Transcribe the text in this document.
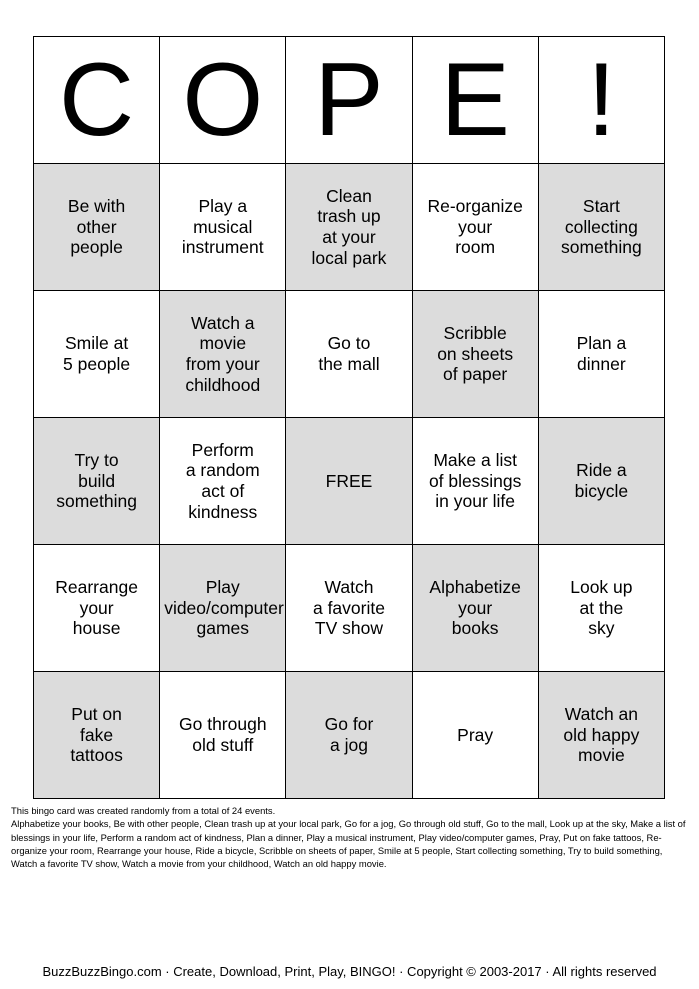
C	O	P	E	!
Be with
other
people	Play a
musical
instrument	Clean
trash up
at your
local park	Re-organize
your
room	Start
collecting
something
Smile at
5 people	Watch a
movie
from your
childhood	Go to
the mall	Scribble
on sheets
of paper	Plan a
dinner
Try to
build
something	Perform
a random
act of
kindness	FREE	Make a list
of blessings
in your life	Ride a
bicycle
Rearrange
your
house	Play
video/computer
games	Watch
a favorite
TV show	Alphabetize
your
books	Look up
at the
sky
Put on
fake
tattoos	Go through
old stuff	Go for
a jog	Pray	Watch an
old happy
movie

This bingo card was created randomly from a total of 24 events.

Alphabetize your books, Be with other people, Clean trash up at your local park, Go for a jog, Go through old stuff, Go to the mall, Look up at the sky, Make a list of blessings in your life, Perform a random act of kindness, Plan a dinner, Play a musical instrument, Play video/computer games, Pray, Put on fake tattoos, Re-organize your room, Rearrange your house, Ride a bicycle, Scribble on sheets of paper, Smile at 5 people, Start collecting something, Try to build something, Watch a favorite TV show, Watch a movie from your childhood, Watch an old happy movie.

BuzzBuzzBingo.com · Create, Download, Print, Play, BINGO! · Copyright © 2003-2017 · All rights reserved
